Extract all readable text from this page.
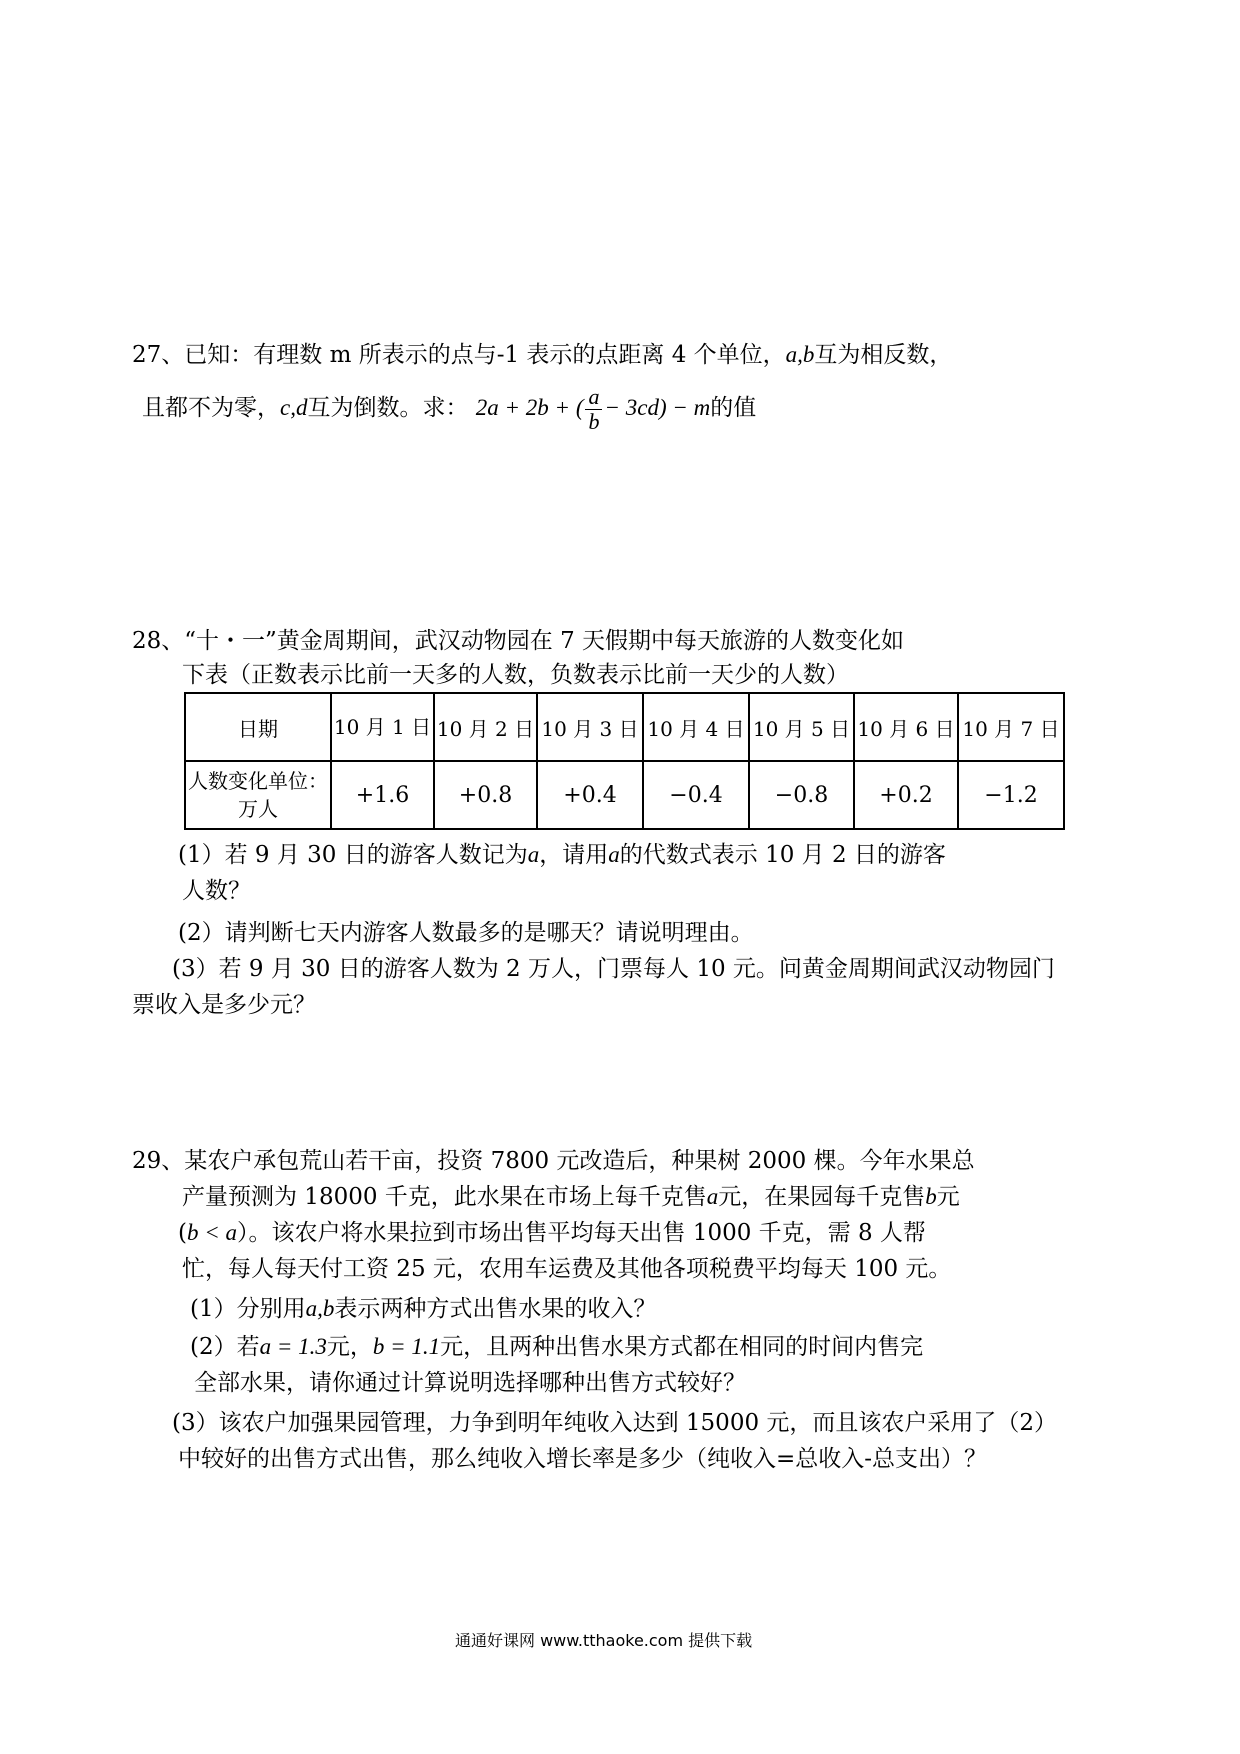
27、已知：有理数 m 所表示的点与-1 表示的点距离 4 个单位，a,b互为相反数，
且都不为零，c,d互为倒数。求： 2a + 2b + ( $\frac{a}{b} - 3cd) - m$的值
28、“十・一”黄金周期间，武汉动物园在 7 天假期中每天旅游的人数变化如
下表（正数表示比前一天多的人数，负数表示比前一天少的人数）
日期	10 月 1 日	10 月 2 日	10 月 3 日	10 月 4 日	10 月 5 日	10 月 6 日	10 月 7 日
人数变化单位：万人	+1.6	+0.8	+0.4	−0.4	−0.8	+0.2	−1.2
(1）若 9 月 30 日的游客人数记为a，请用a的代数式表示 10 月 2 日的游客
人数？
(2）请判断七天内游客人数最多的是哪天？请说明理由。
(3）若 9 月 30 日的游客人数为 2 万人，门票每人 10 元。问黄金周期间武汉动物园门
票收入是多少元？
29、某农户承包荒山若干亩，投资 7800 元改造后，种果树 2000 棵。今年水果总
产量预测为 18000 千克，此水果在市场上每千克售a元，在果园每千克售b元
(b < a）。该农户将水果拉到市场出售平均每天出售 1000 千克，需 8 人帮
忙，每人每天付工资 25 元，农用车运费及其他各项税费平均每天 100 元。
(1）分别用a,b表示两种方式出售水果的收入？
(2）若a = 1.3元，b = 1.1元，且两种出售水果方式都在相同的时间内售完
全部水果，请你通过计算说明选择哪种出售方式较好？
(3）该农户加强果园管理，力争到明年纯收入达到 15000 元，而且该农户采用了（2）
中较好的出售方式出售，那么纯收入增长率是多少（纯收入=总收入-总支出）？
通通好课网 www.tthaoke.com 提供下载
